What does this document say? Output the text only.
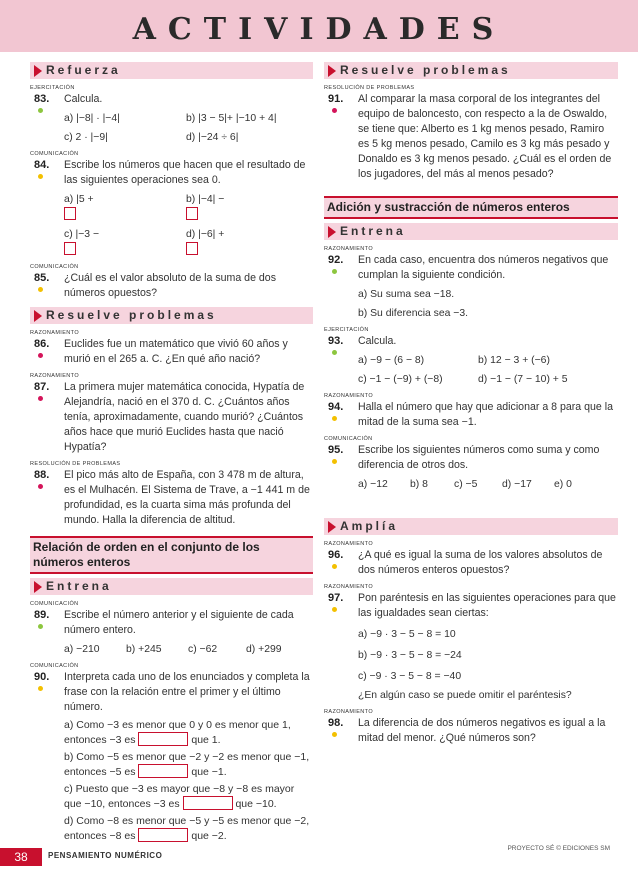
ACTIVIDADES
Refuerza
EJERCITACIÓN
83.	Calcula.
a) |−8| · |−4|	b) |3 − 5|+ |−10 + 4|
c) 2 · |−9|	d) |−24 ÷ 6|
COMUNICACIÓN
84.	Escribe los números que hacen que el resultado de las siguientes operaciones sea 0.
a) |5 +	b) |−4| −
c) |−3 −	d) |−6| +
COMUNICACIÓN
85.	¿Cuál es el valor absoluto de la suma de dos números opuestos?
Resuelve problemas
RAZONAMIENTO
86.	Euclides fue un matemático que vivió 60 años y murió en el 265 a. C. ¿En qué año nació?
RAZONAMIENTO
87.	La primera mujer matemática conocida, Hypatía de Alejandría, nació en el 370 d. C. ¿Cuántos años tenía, aproximadamente, cuando murió? ¿Cuántos años hace que murió Euclides hasta que nació Hypatía?
RESOLUCIÓN DE PROBLEMAS
88.	El pico más alto de España, con 3 478 m de altura, es el Mulhacén. El Sistema de Trave, a −1 441 m de profundidad, es la cuarta sima más profunda del mundo. Halla la diferencia de altitud.
Relación de orden en el conjunto de los números enteros
Entrena
COMUNICACIÓN
89.	Escribe el número anterior y el siguiente de cada número entero.
a) −210	b) +245	c) −62	d) +299
COMUNICACIÓN
90.	Interpreta cada uno de los enunciados y completa la frase con la relación entre el primer y el último número.
a) Como −3 es menor que 0 y 0 es menor que 1, entonces −3 es	que 1.
b) Como −5 es menor que −2 y −2 es menor que −1, entonces −5 es	que −1.
c) Puesto que −3 es mayor que −8 y −8 es mayor que −10, entonces −3 es	que −10.
d) Como −8 es menor que −5 y −5 es menor que −2, entonces −8 es	que −2.
Resuelve problemas
RESOLUCIÓN DE PROBLEMAS
91.	Al comparar la masa corporal de los integrantes del equipo de baloncesto, con respecto a la de Oswaldo, se tiene que: Alberto es 1 kg menos pesado, Ramiro es 5 kg menos pesado, Camilo es 3 kg más pesado y Donaldo es 3 kg menos pesado. ¿Cuál es el orden de los jugadores, del más al menos pesado?
Adición y sustracción de números enteros
Entrena
RAZONAMIENTO
92.	En cada caso, encuentra dos números negativos que cumplan la siguiente condición.
a) Su suma sea −18.
b) Su diferencia sea −3.
EJERCITACIÓN
93.	Calcula.
a) −9 − (6 − 8)	b) 12 − 3 + (−6)
c) −1 − (−9) + (−8)	d) −1 − (7 − 10) + 5
RAZONAMIENTO
94.	Halla el número que hay que adicionar a 8 para que la mitad de la suma sea −1.
COMUNICACIÓN
95.	Escribe los siguientes números como suma y como diferencia de otros dos.
a) −12	b) 8	c) −5	d) −17	e) 0
Amplía
RAZONAMIENTO
96.	¿A qué es igual la suma de los valores absolutos de dos números enteros opuestos?
RAZONAMIENTO
97.	Pon paréntesis en las siguientes operaciones para que las igualdades sean ciertas:
a) −9 · 3 − 5 − 8 = 10
b) −9 · 3 − 5 − 8 = −24
c) −9 · 3 − 5 − 8 = −40
¿En algún caso se puede omitir el paréntesis?
RAZONAMIENTO
98.	La diferencia de dos números negativos es igual a la mitad del menor. ¿Qué números son?
38	PENSAMIENTO NUMÉRICO
PROYECTO SÉ © EDICIONES SM
